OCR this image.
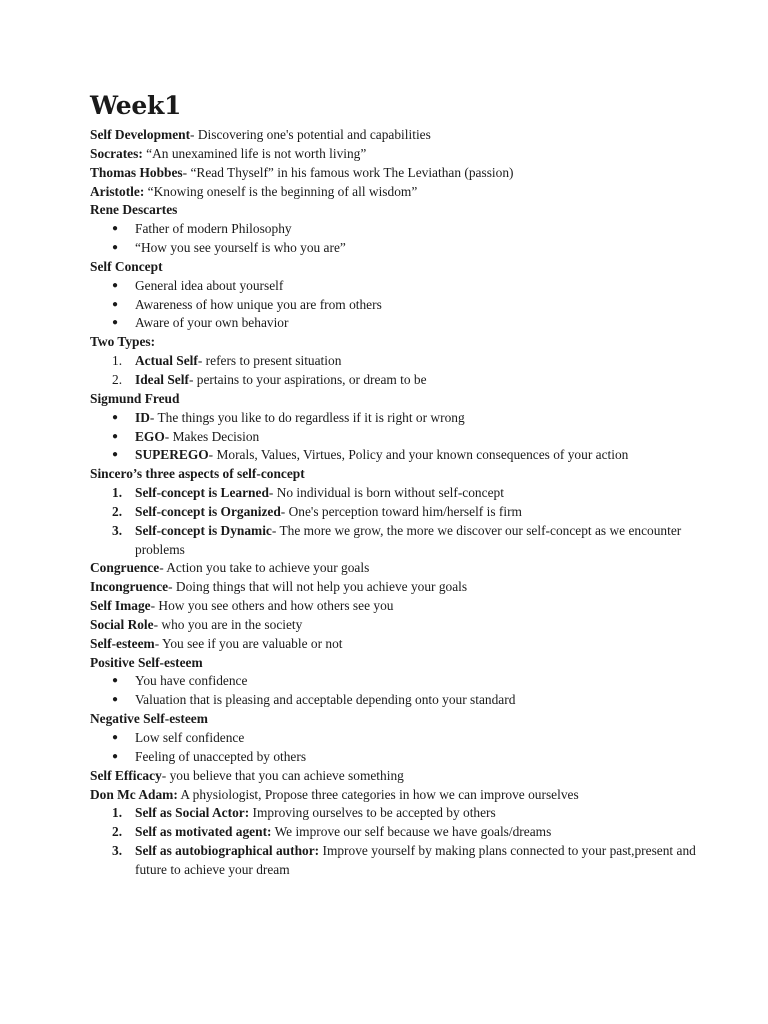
Week1
Self Development- Discovering one's potential and capabilities
Socrates: “An unexamined life is not worth living”
Thomas Hobbes- “Read Thyself” in his famous work The Leviathan (passion)
Aristotle: “Knowing oneself is the beginning of all wisdom”
Rene Descartes
●	Father of modern Philosophy
●	“How you see yourself is who you are”
Self Concept
●	General idea about yourself
●	Awareness of how unique you are from others
●	Aware of your own behavior
Two Types:
1. Actual Self- refers to present situation
2. Ideal Self- pertains to your aspirations, or dream to be
Sigmund Freud
●	ID- The things you like to do regardless if it is right or wrong
●	EGO- Makes Decision
●	SUPEREGO- Morals, Values, Virtues, Policy and your known consequences of your action
Sincero’s three aspects of self-concept
1. Self-concept is Learned- No individual is born without self-concept
2. Self-concept is Organized- One's perception toward him/herself is firm
3. Self-concept is Dynamic- The more we grow, the more we discover our self-concept as we encounter problems
Congruence- Action you take to achieve your goals
Incongruence- Doing things that will not help you achieve your goals
Self Image- How you see others and how others see you
Social Role- who you are in the society
Self-esteem- You see if you are valuable or not
Positive Self-esteem
●	You have confidence
●	Valuation that is pleasing and acceptable depending onto your standard
Negative Self-esteem
●	Low self confidence
●	Feeling of unaccepted by others
Self Efficacy- you believe that you can achieve something
Don Mc Adam: A physiologist, Propose three categories in how we can improve ourselves
1. Self as Social Actor: Improving ourselves to be accepted by others
2. Self as motivated agent: We improve our self because we have goals/dreams
3. Self as autobiographical author: Improve yourself by making plans connected to your past,present and future to achieve your dream
